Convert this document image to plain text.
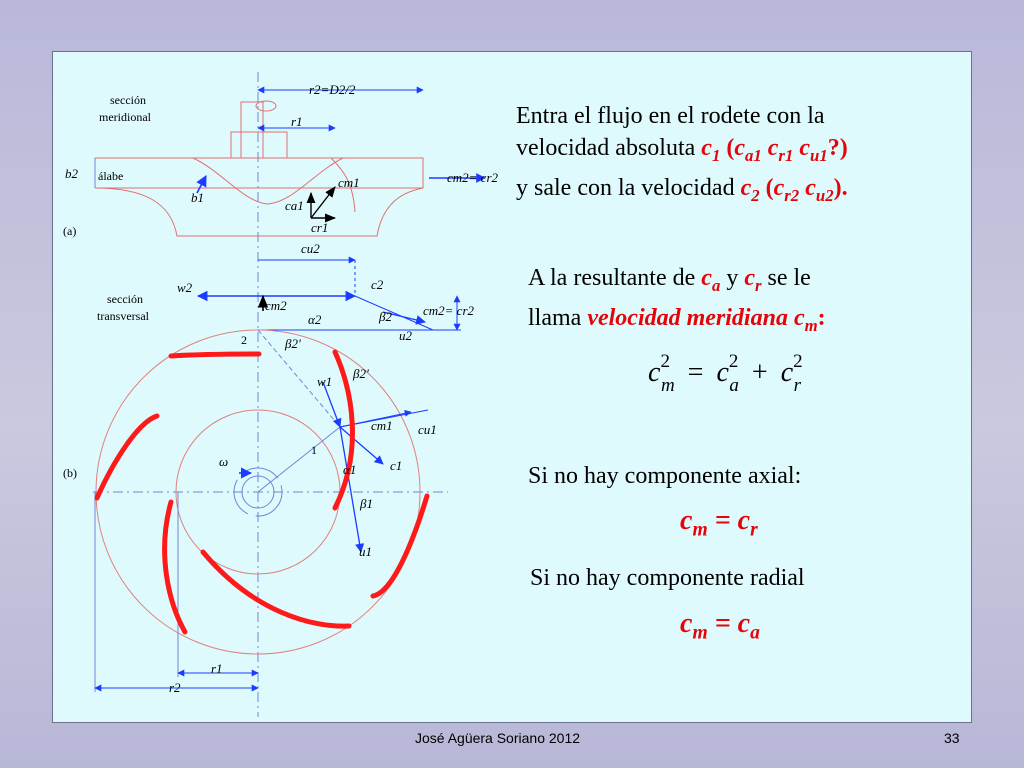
sección
meridional
álabe
b2
b1
(a)
r2=D2/2
r1
cm1
ca1
cr1
cm2= cr2
cu2
c2
w2
sección
transversal
cm2
α2	β2 cm2= cr2
u2
2	β2'
β2'
w1
cm1 cu1
1
ω
(b)	α1	c1
β1
u1
r1
r2
Entra el flujo en el rodete con la
velocidad absoluta $c_1$ ($c_{a1}$ $c_{r1}$ $c_{u1}$?)
y sale con la velocidad $c_2$ ($c_{r2}$ $c_{u2}$).
A la resultante de $c_a$ y $c_r$ se le
llama velocidad meridiana $c_m$:
$c^2_m = c^2_a + c^2_r$
Si no hay componente axial:
$c_m = c_r$
Si no hay componente radial
$c_m = c_a$
José Agüera Soriano 2012	33
